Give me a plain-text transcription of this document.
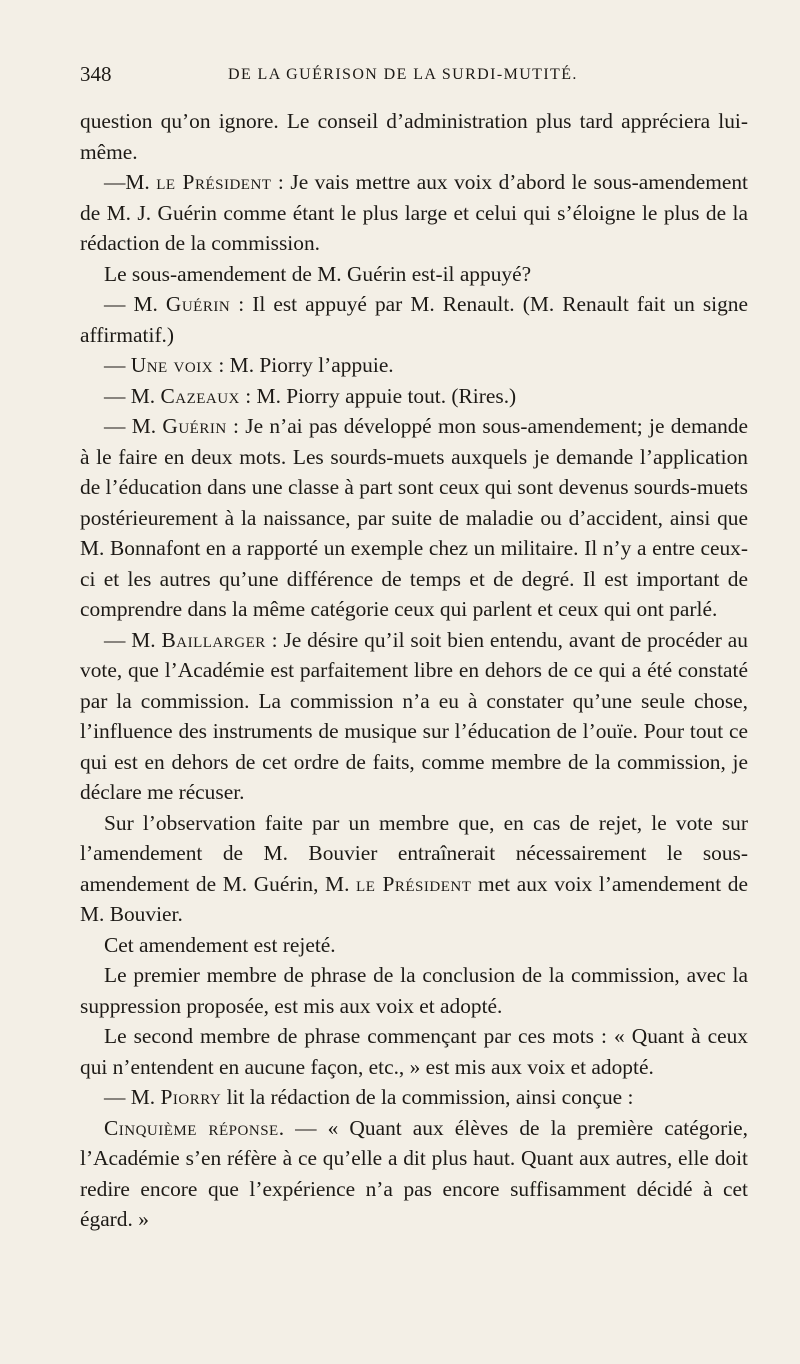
348	DE LA GUÉRISON DE LA SURDI-MUTITÉ.

question qu’on ignore. Le conseil d’administration plus tard appréciera lui-même.

—M. le Président : Je vais mettre aux voix d’abord le sous-amendement de M. J. Guérin comme étant le plus large et celui qui s’éloigne le plus de la rédaction de la commission.

Le sous-amendement de M. Guérin est-il appuyé?

— M. Guérin : Il est appuyé par M. Renault. (M. Renault fait un signe affirmatif.)

— Une voix : M. Piorry l’appuie.

— M. Cazeaux : M. Piorry appuie tout. (Rires.)

— M. Guérin : Je n’ai pas développé mon sous-amendement; je demande à le faire en deux mots. Les sourds-muets auxquels je demande l’application de l’éducation dans une classe à part sont ceux qui sont devenus sourds-muets postérieurement à la naissance, par suite de maladie ou d’accident, ainsi que M. Bonnafont en a rapporté un exemple chez un militaire. Il n’y a entre ceux-ci et les autres qu’une différence de temps et de degré. Il est important de comprendre dans la même catégorie ceux qui parlent et ceux qui ont parlé.

— M. Baillarger : Je désire qu’il soit bien entendu, avant de procéder au vote, que l’Académie est parfaitement libre en dehors de ce qui a été constaté par la commission. La commission n’a eu à constater qu’une seule chose, l’influence des instruments de musique sur l’éducation de l’ouïe. Pour tout ce qui est en dehors de cet ordre de faits, comme membre de la commission, je déclare me récuser.

Sur l’observation faite par un membre que, en cas de rejet, le vote sur l’amendement de M. Bouvier entraînerait nécessairement le sous-amendement de M. Guérin, M. le Président met aux voix l’amendement de M. Bouvier.

Cet amendement est rejeté.

Le premier membre de phrase de la conclusion de la commission, avec la suppression proposée, est mis aux voix et adopté.

Le second membre de phrase commençant par ces mots : « Quant à ceux qui n’entendent en aucune façon, etc., » est mis aux voix et adopté.

— M. Piorry lit la rédaction de la commission, ainsi conçue :

Cinquième réponse. — « Quant aux élèves de la première catégorie, l’Académie s’en réfère à ce qu’elle a dit plus haut. Quant aux autres, elle doit redire encore que l’expérience n’a pas encore suffisamment décidé à cet égard. »
